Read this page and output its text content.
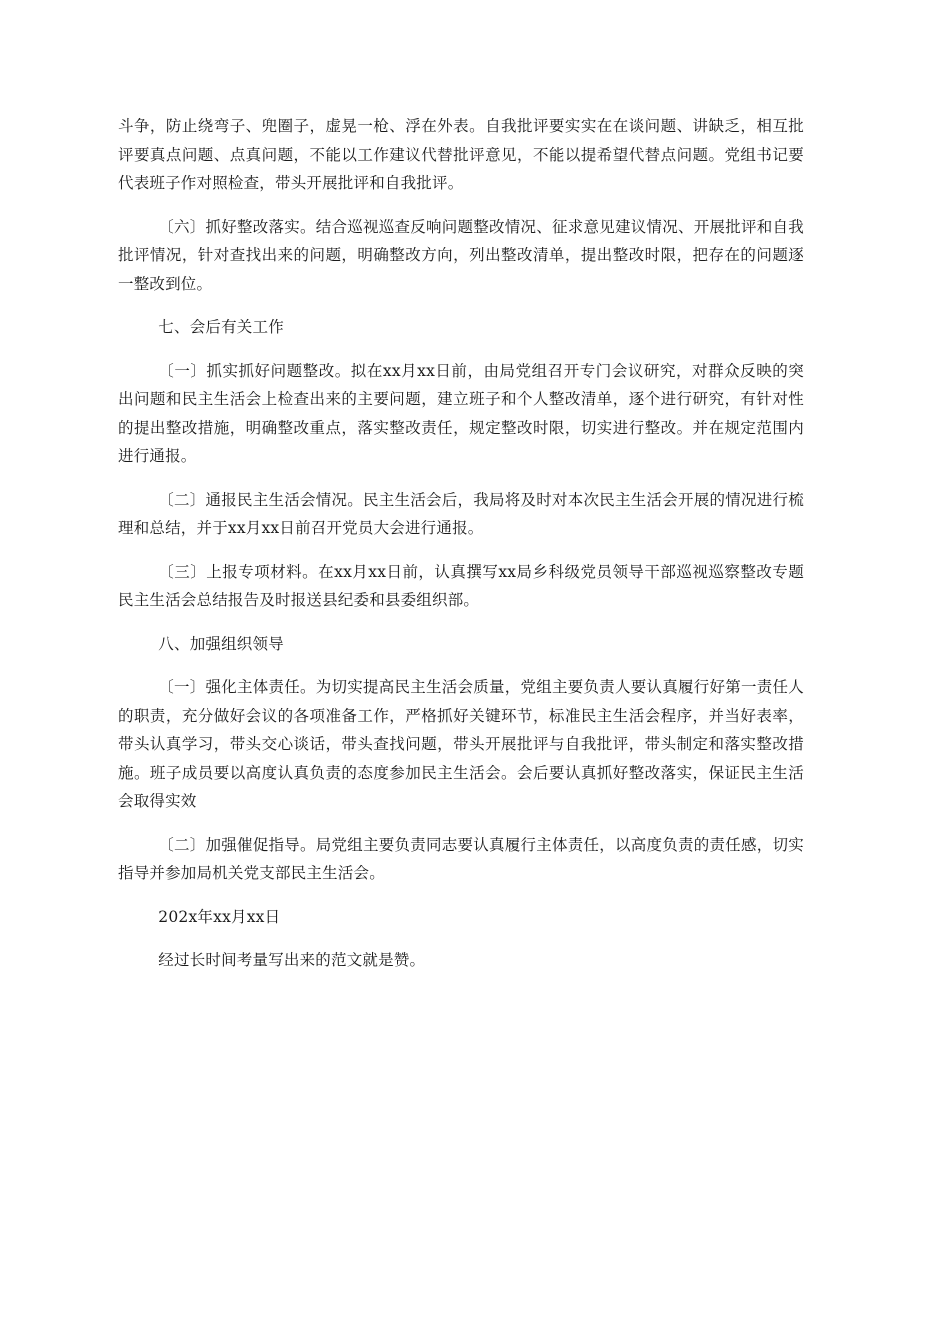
斗争，防止绕弯子、兜圈子，虚晃一枪、浮在外表。自我批评要实实在在谈问题、讲缺乏，相互批评要真点问题、点真问题，不能以工作建议代替批评意见，不能以提希望代替点问题。党组书记要代表班子作对照检查，带头开展批评和自我批评。

〔六〕抓好整改落实。结合巡视巡查反响问题整改情况、征求意见建议情况、开展批评和自我批评情况，针对查找出来的问题，明确整改方向，列出整改清单，提出整改时限，把存在的问题逐一整改到位。

七、会后有关工作

〔一〕抓实抓好问题整改。拟在xx月xx日前，由局党组召开专门会议研究，对群众反映的突出问题和民主生活会上检查出来的主要问题，建立班子和个人整改清单，逐个进行研究，有针对性的提出整改措施，明确整改重点，落实整改责任，规定整改时限，切实进行整改。并在规定范围内进行通报。

〔二〕通报民主生活会情况。民主生活会后，我局将及时对本次民主生活会开展的情况进行梳理和总结，并于xx月xx日前召开党员大会进行通报。

〔三〕上报专项材料。在xx月xx日前，认真撰写xx局乡科级党员领导干部巡视巡察整改专题民主生活会总结报告及时报送县纪委和县委组织部。

八、加强组织领导

〔一〕强化主体责任。为切实提高民主生活会质量，党组主要负责人要认真履行好第一责任人的职责，充分做好会议的各项准备工作，严格抓好关键环节，标准民主生活会程序，并当好表率，带头认真学习，带头交心谈话，带头查找问题，带头开展批评与自我批评，带头制定和落实整改措施。班子成员要以高度认真负责的态度参加民主生活会。会后要认真抓好整改落实，保证民主生活会取得实效

〔二〕加强催促指导。局党组主要负责同志要认真履行主体责任，以高度负责的责任感，切实指导并参加局机关党支部民主生活会。

202x年xx月xx日

经过长时间考量写出来的范文就是赞。
